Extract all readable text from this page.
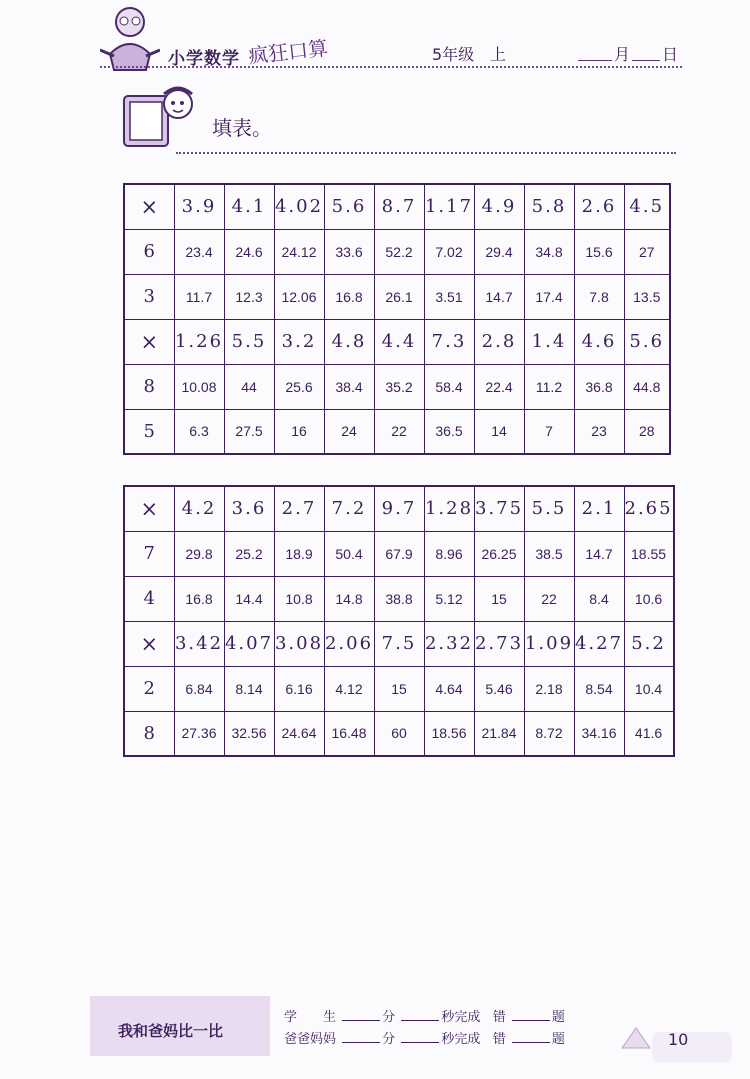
小学数学 疯狂口算	5年级 上	月 日
填表。
×	3.9	4.1	4.02	5.6	8.7	1.17	4.9	5.8	2.6	4.5
6	23.4	24.6	24.12	33.6	52.2	7.02	29.4	34.8	15.6	27
3	11.7	12.3	12.06	16.8	26.1	3.51	14.7	17.4	7.8	13.5
×	1.26	5.5	3.2	4.8	4.4	7.3	2.8	1.4	4.6	5.6
8	10.08	44	25.6	38.4	35.2	58.4	22.4	11.2	36.8	44.8
5	6.3	27.5	16	24	22	36.5	14	7	23	28
×	4.2	3.6	2.7	7.2	9.7	1.28	3.75	5.5	2.1	2.65
7	29.8	25.2	18.9	50.4	67.9	8.96	26.25	38.5	14.7	18.55
4	16.8	14.4	10.8	14.8	38.8	5.12	15	22	8.4	10.6
×	3.42	4.07	3.08	2.06	7.5	2.32	2.73	1.09	4.27	5.2
2	6.84	8.14	6.16	4.12	15	4.64	5.46	2.18	8.54	10.4
8	27.36	32.56	24.64	16.48	60	18.56	21.84	8.72	34.16	41.6
我和爸妈比一比
学　　生	分	秒完成 错	题
爸爸妈妈	分	秒完成 错	题	10
